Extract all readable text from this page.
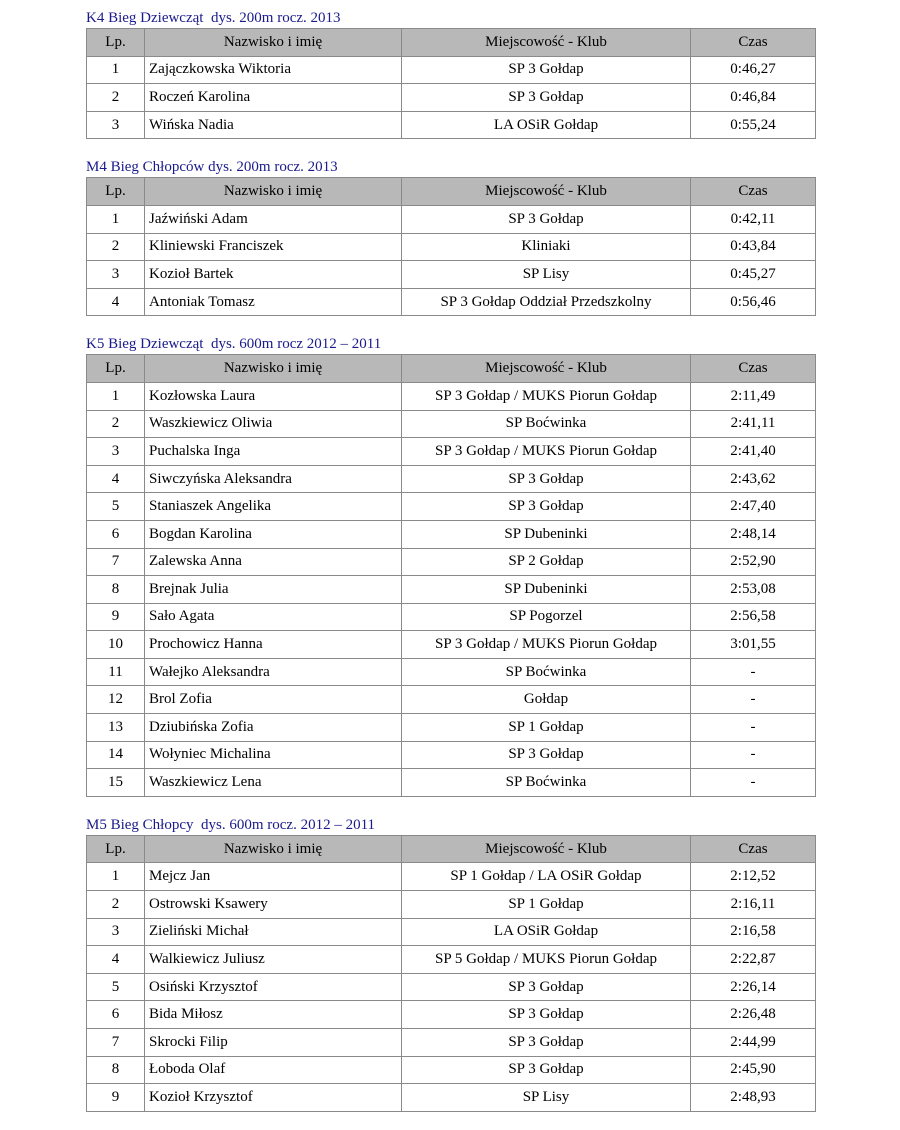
K4 Bieg Dziewcząt  dys. 200m rocz. 2013
Lp.	Nazwisko i imię	Miejscowość - Klub	Czas
1	Zajączkowska Wiktoria	SP 3 Gołdap	0:46,27
2	Roczeń Karolina	SP 3 Gołdap	0:46,84
3	Wińska Nadia	LA OSiR Gołdap	0:55,24
M4 Bieg Chłopców dys. 200m rocz. 2013
Lp.	Nazwisko i imię	Miejscowość - Klub	Czas
1	Jaźwiński Adam	SP 3 Gołdap	0:42,11
2	Kliniewski Franciszek	Kliniaki	0:43,84
3	Kozioł Bartek	SP Lisy	0:45,27
4	Antoniak Tomasz	SP 3 Gołdap Oddział Przedszkolny	0:56,46
K5 Bieg Dziewcząt  dys. 600m rocz 2012 – 2011
Lp.	Nazwisko i imię	Miejscowość - Klub	Czas
1	Kozłowska Laura	SP 3 Gołdap / MUKS Piorun Gołdap	2:11,49
2	Waszkiewicz Oliwia	SP Boćwinka	2:41,11
3	Puchalska Inga	SP 3 Gołdap / MUKS Piorun Gołdap	2:41,40
4	Siwczyńska Aleksandra	SP 3 Gołdap	2:43,62
5	Staniaszek Angelika	SP 3 Gołdap	2:47,40
6	Bogdan Karolina	SP Dubeninki	2:48,14
7	Zalewska Anna	SP 2 Gołdap	2:52,90
8	Brejnak Julia	SP Dubeninki	2:53,08
9	Sało Agata	SP Pogorzel	2:56,58
10	Prochowicz Hanna	SP 3 Gołdap / MUKS Piorun Gołdap	3:01,55
11	Wałejko Aleksandra	SP Boćwinka	-
12	Brol Zofia	Gołdap	-
13	Dziubińska Zofia	SP 1 Gołdap	-
14	Wołyniec Michalina	SP 3 Gołdap	-
15	Waszkiewicz Lena	SP Boćwinka	-
M5 Bieg Chłopcy  dys. 600m rocz. 2012 – 2011
Lp.	Nazwisko i imię	Miejscowość - Klub	Czas
1	Mejcz Jan	SP 1 Gołdap / LA OSiR Gołdap	2:12,52
2	Ostrowski Ksawery	SP 1 Gołdap	2:16,11
3	Zieliński Michał	LA OSiR Gołdap	2:16,58
4	Walkiewicz Juliusz	SP 5 Gołdap / MUKS Piorun Gołdap	2:22,87
5	Osiński Krzysztof	SP 3 Gołdap	2:26,14
6	Bida Miłosz	SP 3 Gołdap	2:26,48
7	Skrocki Filip	SP 3 Gołdap	2:44,99
8	Łoboda Olaf	SP 3 Gołdap	2:45,90
9	Kozioł Krzysztof	SP Lisy	2:48,93
